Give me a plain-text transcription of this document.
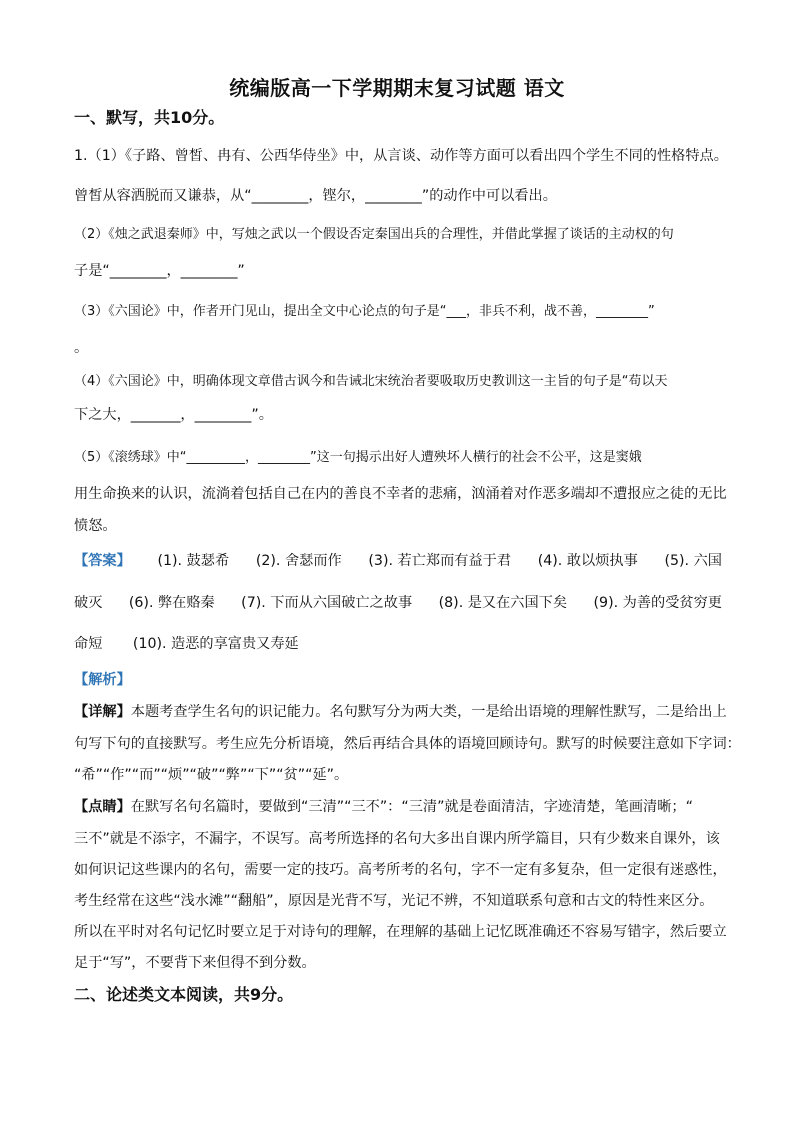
统编版高一下学期期末复习试题 语文
一、默写，共10分。
1.（1）《子路、曾皙、冉有、公西华侍坐》中，从言谈、动作等方面可以看出四个学生不同的性格特点。
曾皙从容洒脱而又谦恭，从“________，铿尔，________”的动作中可以看出。
（2）《烛之武退秦师》中，写烛之武以一个假设否定秦国出兵的合理性，并借此掌握了谈话的主动权的句
子是“________，________”
（3）《六国论》中，作者开门见山，提出全文中心论点的句子是“___，非兵不利，战不善，________”
。
（4）《六国论》中，明确体现文章借古讽今和告诫北宋统治者要吸取历史教训这一主旨的句子是“苟以天
下之大，_______，________”。
（5）《滚绣球》中“_________，________”这一句揭示出好人遭殃坏人横行的社会不公平，这是窦娥
用生命换来的认识，流淌着包括自己在内的善良不幸者的悲痛，汹涌着对作恶多端却不遭报应之徒的无比
愤怒。
【答案】 (1). 鼓瑟希 (2). 舍瑟而作 (3). 若亡郑而有益于君 (4). 敢以烦执事 (5). 六国
破灭 (6). 弊在赂秦 (7). 下而从六国破亡之故事 (8). 是又在六国下矣 (9). 为善的受贫穷更
命短 (10). 造恶的享富贵又寿延
【解析】
【详解】本题考查学生名句的识记能力。名句默写分为两大类，一是给出语境的理解性默写，二是给出上
句写下句的直接默写。考生应先分析语境，然后再结合具体的语境回顾诗句。默写的时候要注意如下字词：
“希”“作”“而”“烦”“破”“弊”“下”“贫”“延”。
【点睛】在默写名句名篇时，要做到“三清”“三不”：“三清”就是卷面清洁，字迹清楚，笔画清晰；“
三不”就是不添字，不漏字，不误写。高考所选择的名句大多出自课内所学篇目，只有少数来自课外，该
如何识记这些课内的名句，需要一定的技巧。高考所考的名句，字不一定有多复杂，但一定很有迷惑性，
考生经常在这些“浅水滩”“翻船”，原因是光背不写，光记不辨，不知道联系句意和古文的特性来区分。
所以在平时对名句记忆时要立足于对诗句的理解，在理解的基础上记忆既准确还不容易写错字，然后要立
足于“写”，不要背下来但得不到分数。
二、论述类文本阅读，共9分。
